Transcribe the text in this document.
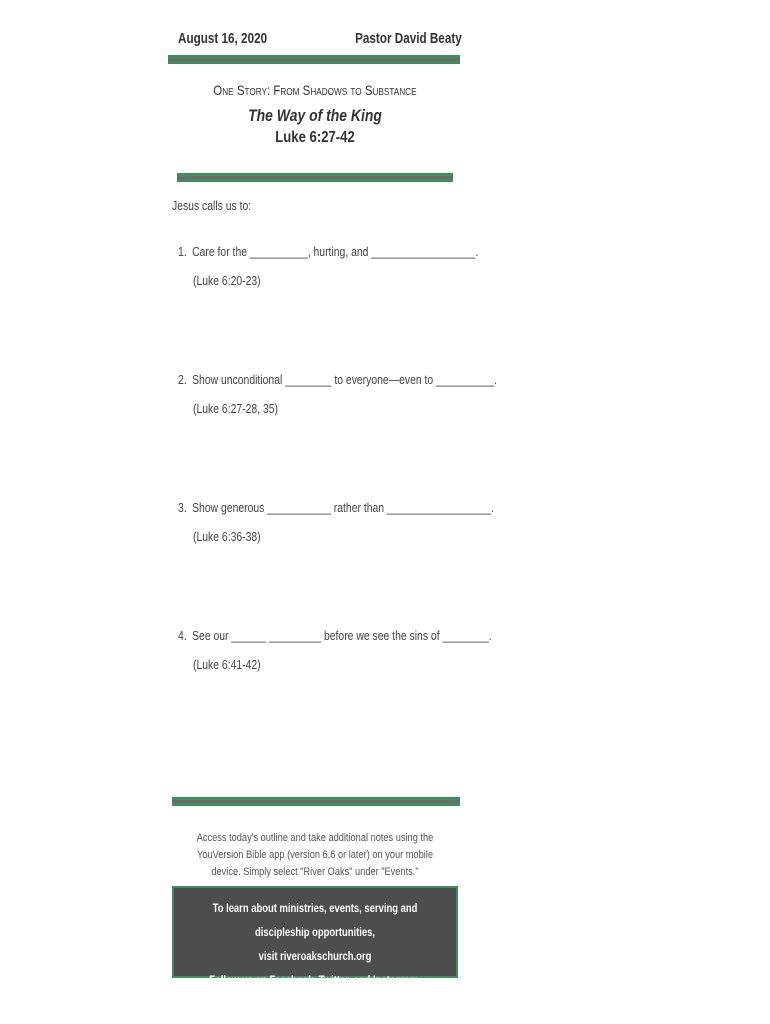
August 16, 2020	Pastor David Beaty
One Story: From Shadows to Substance
The Way of the King
Luke 6:27-42
Jesus calls us to:
1. Care for the __________, hurting, and __________________.
(Luke 6:20-23)
2. Show unconditional ________ to everyone—even to __________.
(Luke 6:27-28, 35)
3. Show generous ___________ rather than __________________.
(Luke 6:36-38)
4. See our ______ _________ before we see the sins of ________.
(Luke 6:41-42)
Access today's outline and take additional notes using the YouVersion Bible app (version 6.6 or later) on your mobile device. Simply select "River Oaks" under "Events."
To learn about ministries, events, serving and discipleship opportunities,
visit riveroakschurch.org
Follow us on Facebook, Twitter, and Instagram.
